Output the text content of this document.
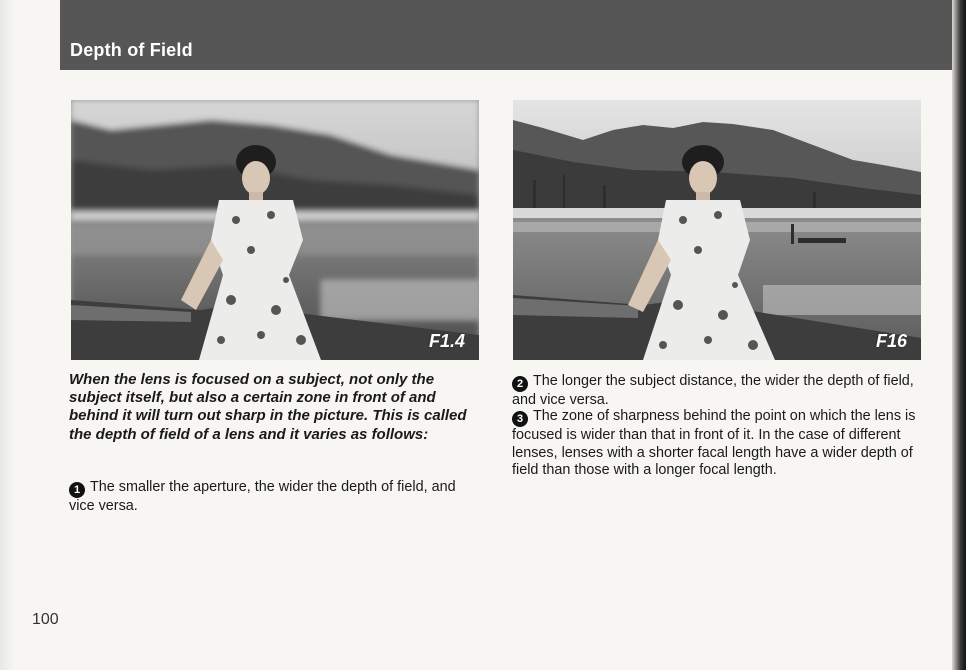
Depth of Field
F1.4	F16

When the lens is focused on a subject, not only the subject itself, but also a certain zone in front of and behind it will turn out sharp in the picture. This is called the depth of field of a lens and it varies as follows:

1 The smaller the aperture, the wider the depth of field, and vice versa.

2 The longer the subject distance, the wider the depth of field, and vice versa.

3 The zone of sharpness behind the point on which the lens is focused is wider than that in front of it. In the case of different lenses, lenses with a shorter facal length have a wider depth of field than those with a longer focal length.

100
